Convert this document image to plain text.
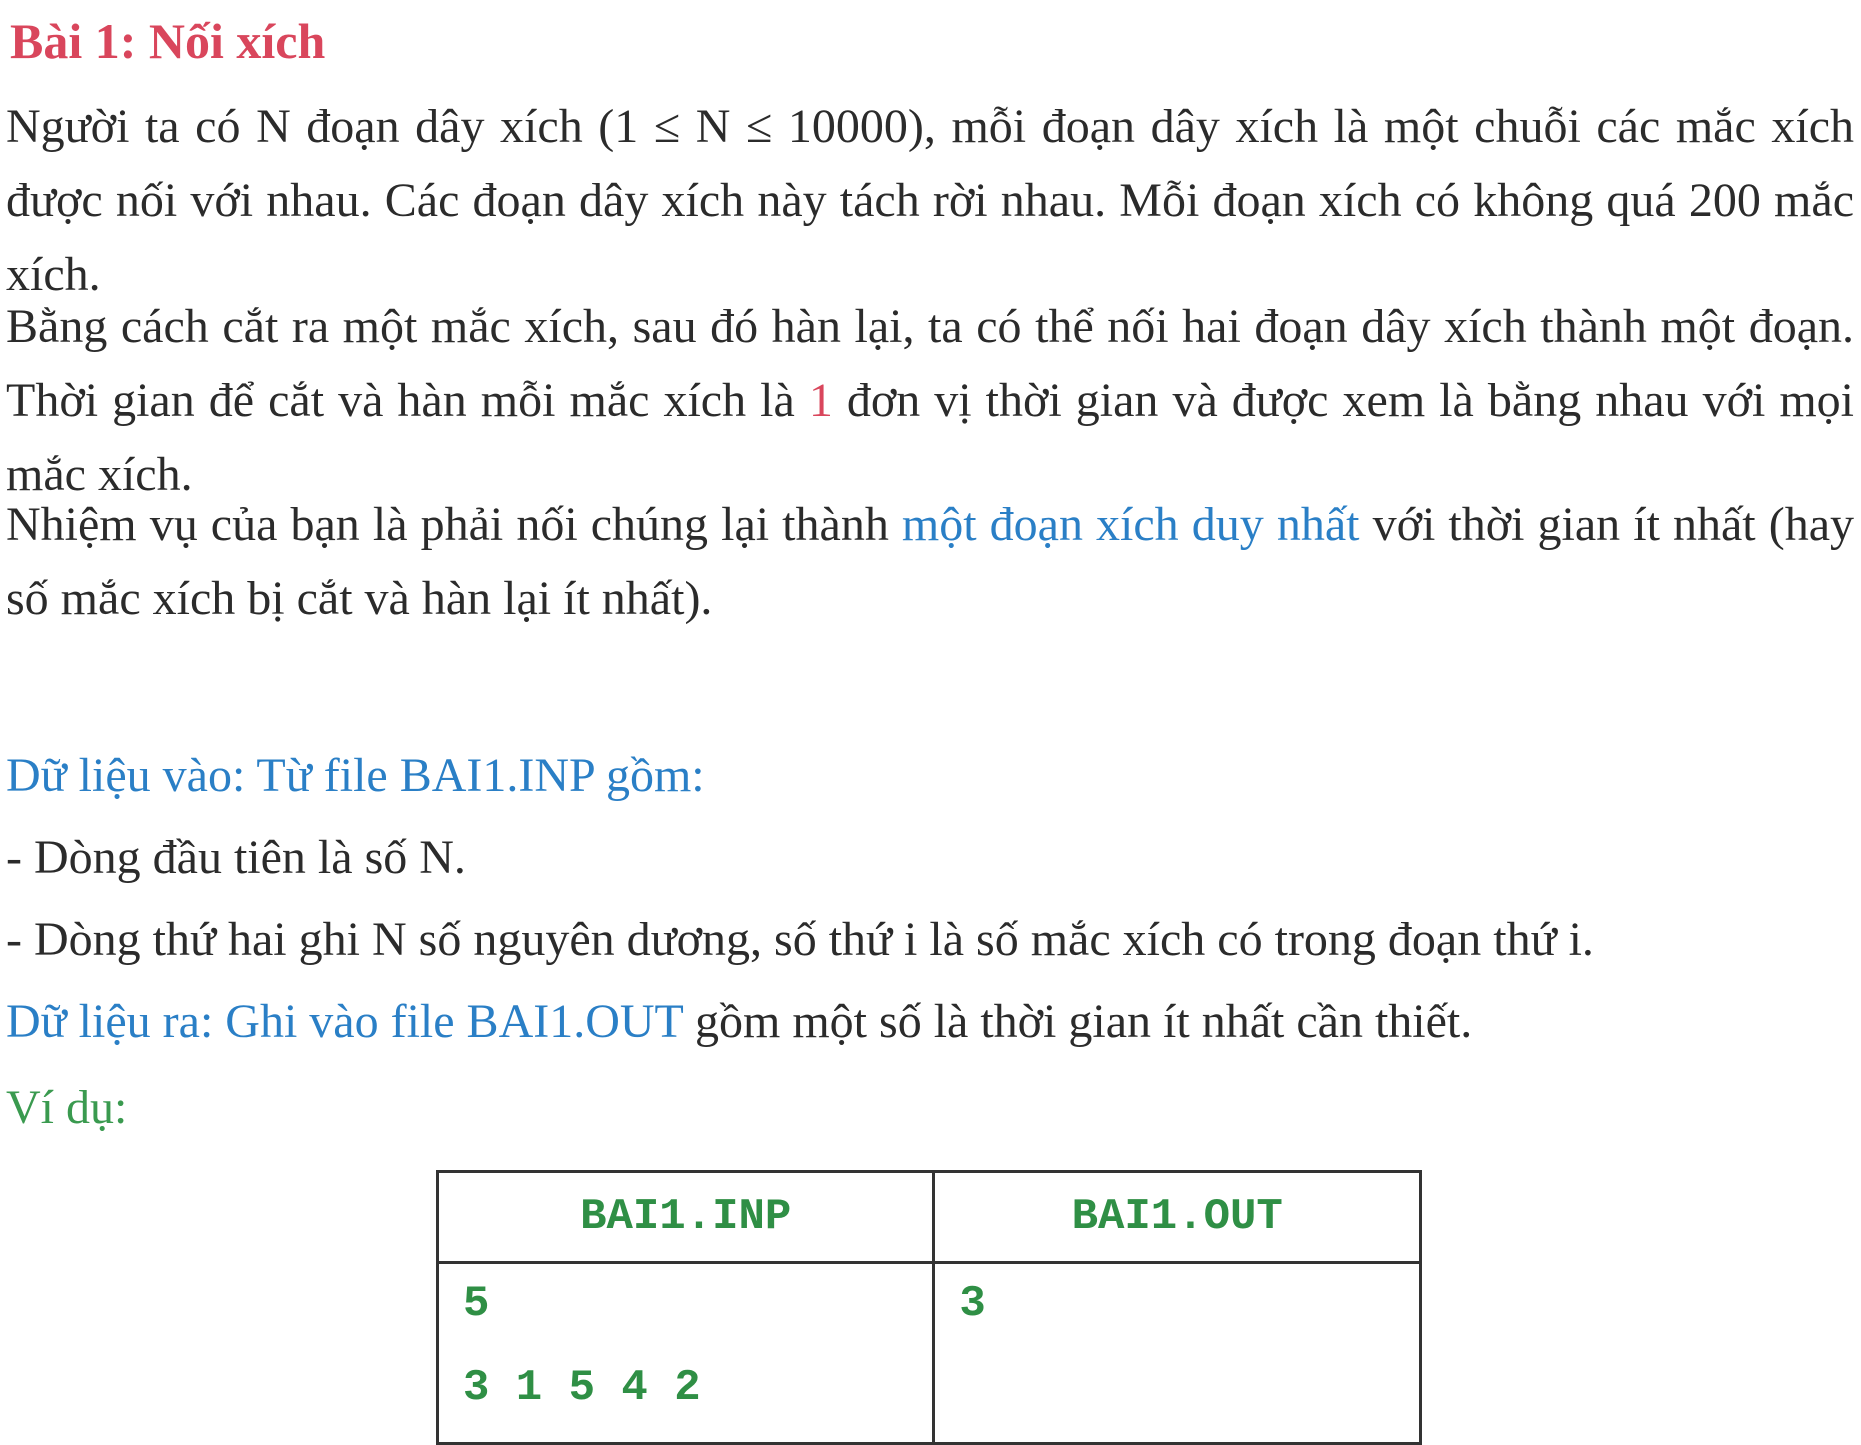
Bài 1: Nối xích

Người ta có N đoạn dây xích (1 ≤ N ≤ 10000), mỗi đoạn dây xích là một chuỗi các mắc xích được nối với nhau. Các đoạn dây xích này tách rời nhau. Mỗi đoạn xích có không quá 200 mắc xích.

Bằng cách cắt ra một mắc xích, sau đó hàn lại, ta có thể nối hai đoạn dây xích thành một đoạn. Thời gian để cắt và hàn mỗi mắc xích là 1 đơn vị thời gian và được xem là bằng nhau với mọi mắc xích.

Nhiệm vụ của bạn là phải nối chúng lại thành một đoạn xích duy nhất với thời gian ít nhất (hay số mắc xích bị cắt và hàn lại ít nhất).

Dữ liệu vào: Từ file BAI1.INP gồm:

- Dòng đầu tiên là số N.

- Dòng thứ hai ghi N số nguyên dương, số thứ i là số mắc xích có trong đoạn thứ i.

Dữ liệu ra: Ghi vào file BAI1.OUT gồm một số là thời gian ít nhất cần thiết.

Ví dụ:

BAI1.INP	BAI1.OUT

5
3 1 5 4 2	3
